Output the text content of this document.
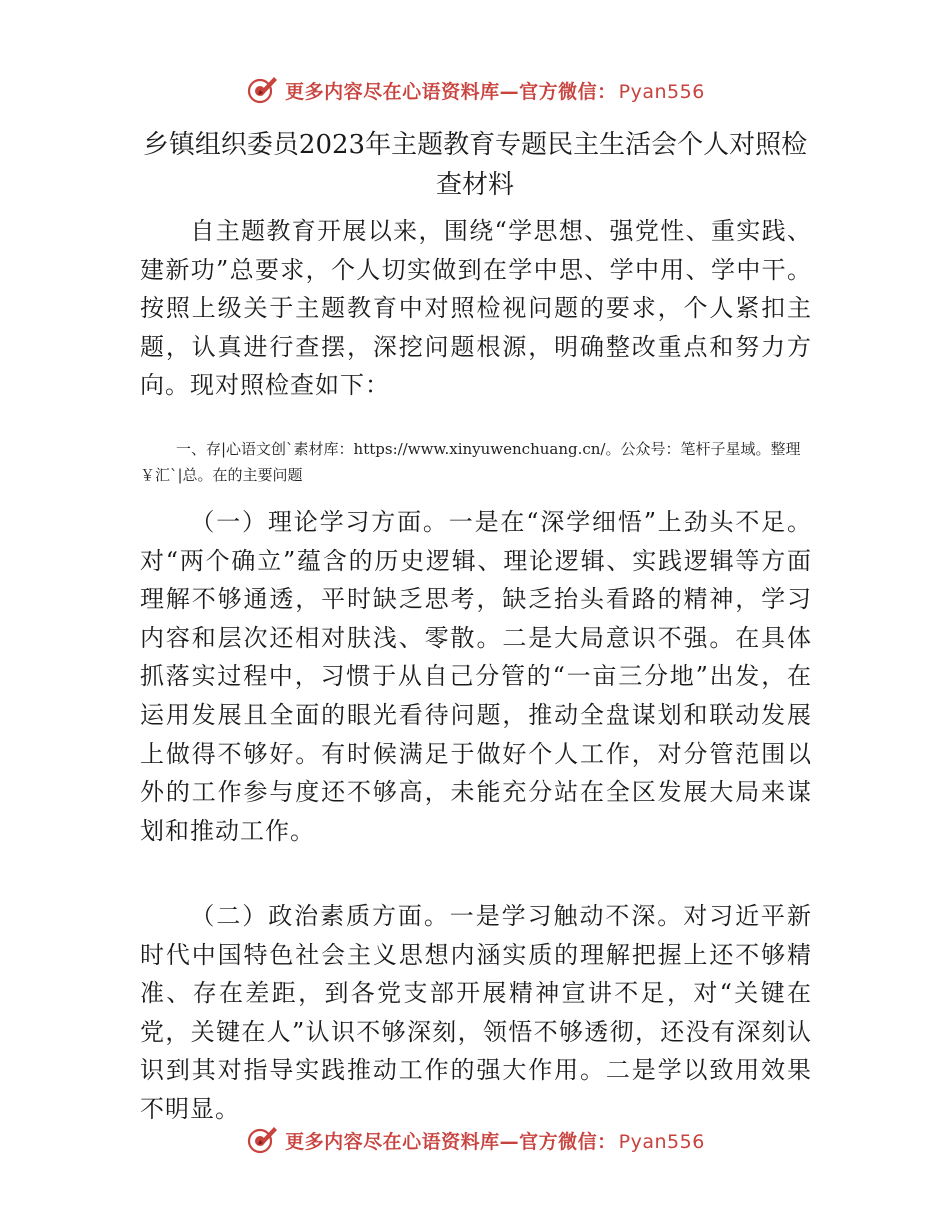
更多内容尽在心语资料库—官方微信： Pyan556
乡镇组织委员2023年主题教育专题民主生活会个人对照检查材料

自主题教育开展以来，围绕“学思想、强党性、重实践、建新功”总要求，个人切实做到在学中思、学中用、学中干。按照上级关于主题教育中对照检视问题的要求，个人紧扣主题，认真进行查摆，深挖问题根源，明确整改重点和努力方向。现对照检查如下：

一、存|心语文创`素材库：https://www.xinyuwenchuang.cn/。公众号：笔杆子星域。整理￥汇`|总。在的主要问题

（一）理论学习方面。一是在“深学细悟”上劲头不足。对“两个确立”蕴含的历史逻辑、理论逻辑、实践逻辑等方面理解不够通透，平时缺乏思考，缺乏抬头看路的精神，学习内容和层次还相对肤浅、零散。二是大局意识不强。在具体抓落实过程中，习惯于从自己分管的“一亩三分地”出发，在运用发展且全面的眼光看待问题，推动全盘谋划和联动发展上做得不够好。有时候满足于做好个人工作，对分管范围以外的工作参与度还不够高，未能充分站在全区发展大局来谋划和推动工作。

（二）政治素质方面。一是学习触动不深。对习近平新时代中国特色社会主义思想内涵实质的理解把握上还不够精准、存在差距，到各党支部开展精神宣讲不足，对“关键在党，关键在人”认识不够深刻，领悟不够透彻，还没有深刻认识到其对指导实践推动工作的强大作用。二是学以致用效果不明显。

更多内容尽在心语资料库—官方微信： Pyan556
